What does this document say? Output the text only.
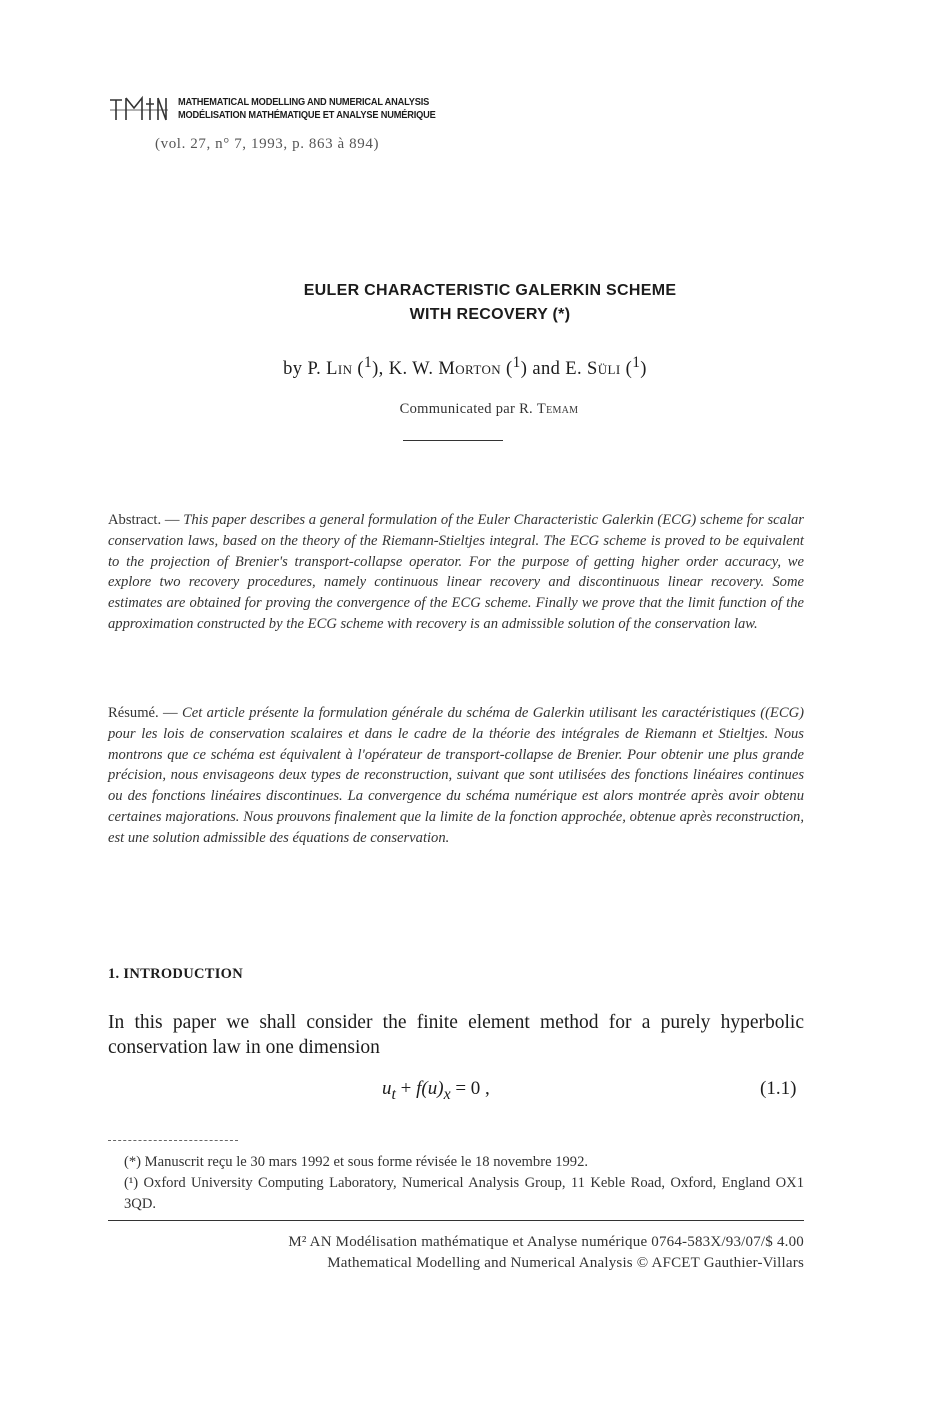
MATHEMATICAL MODELLING AND NUMERICAL ANALYSIS
MODÉLISATION MATHÉMATIQUE ET ANALYSE NUMÉRIQUE
(vol. 27, n° 7, 1993, p. 863 à 894)
EULER CHARACTERISTIC GALERKIN SCHEME
WITH RECOVERY (*)
by P. Lin ($^1$), K. W. Morton ($^1$) and E. Süli ($^1$)
Communicated par R. Temam
Abstract. — This paper describes a general formulation of the Euler Characteristic Galerkin (ECG) scheme for scalar conservation laws, based on the theory of the Riemann-Stieltjes integral. The ECG scheme is proved to be equivalent to the projection of Brenier's transport-collapse operator. For the purpose of getting higher order accuracy, we explore two recovery procedures, namely continuous linear recovery and discontinuous linear recovery. Some estimates are obtained for proving the convergence of the ECG scheme. Finally we prove that the limit function of the approximation constructed by the ECG scheme with recovery is an admissible solution of the conservation law.
Résumé. — Cet article présente la formulation générale du schéma de Galerkin utilisant les caractéristiques ((ECG) pour les lois de conservation scalaires et dans le cadre de la théorie des intégrales de Riemann et Stieltjes. Nous montrons que ce schéma est équivalent à l'opérateur de transport-collapse de Brenier. Pour obtenir une plus grande précision, nous envisageons deux types de reconstruction, suivant que sont utilisées des fonctions linéaires continues ou des fonctions linéaires discontinues. La convergence du schéma numérique est alors montrée après avoir obtenu certaines majorations. Nous prouvons finalement que la limite de la fonction approchée, obtenue après reconstruction, est une solution admissible des équations de conservation.
1. INTRODUCTION
In this paper we shall consider the finite element method for a purely hyperbolic conservation law in one dimension
$u_t + f(u)_x = 0$ ,	(1.1)
(*) Manuscrit reçu le 30 mars 1992 et sous forme révisée le 18 novembre 1992.
(¹) Oxford University Computing Laboratory, Numerical Analysis Group, 11 Keble Road, Oxford, England OX1 3QD.
M² AN Modélisation mathématique et Analyse numérique 0764-583X/93/07/$ 4.00
Mathematical Modelling and Numerical Analysis © AFCET Gauthier-Villars
